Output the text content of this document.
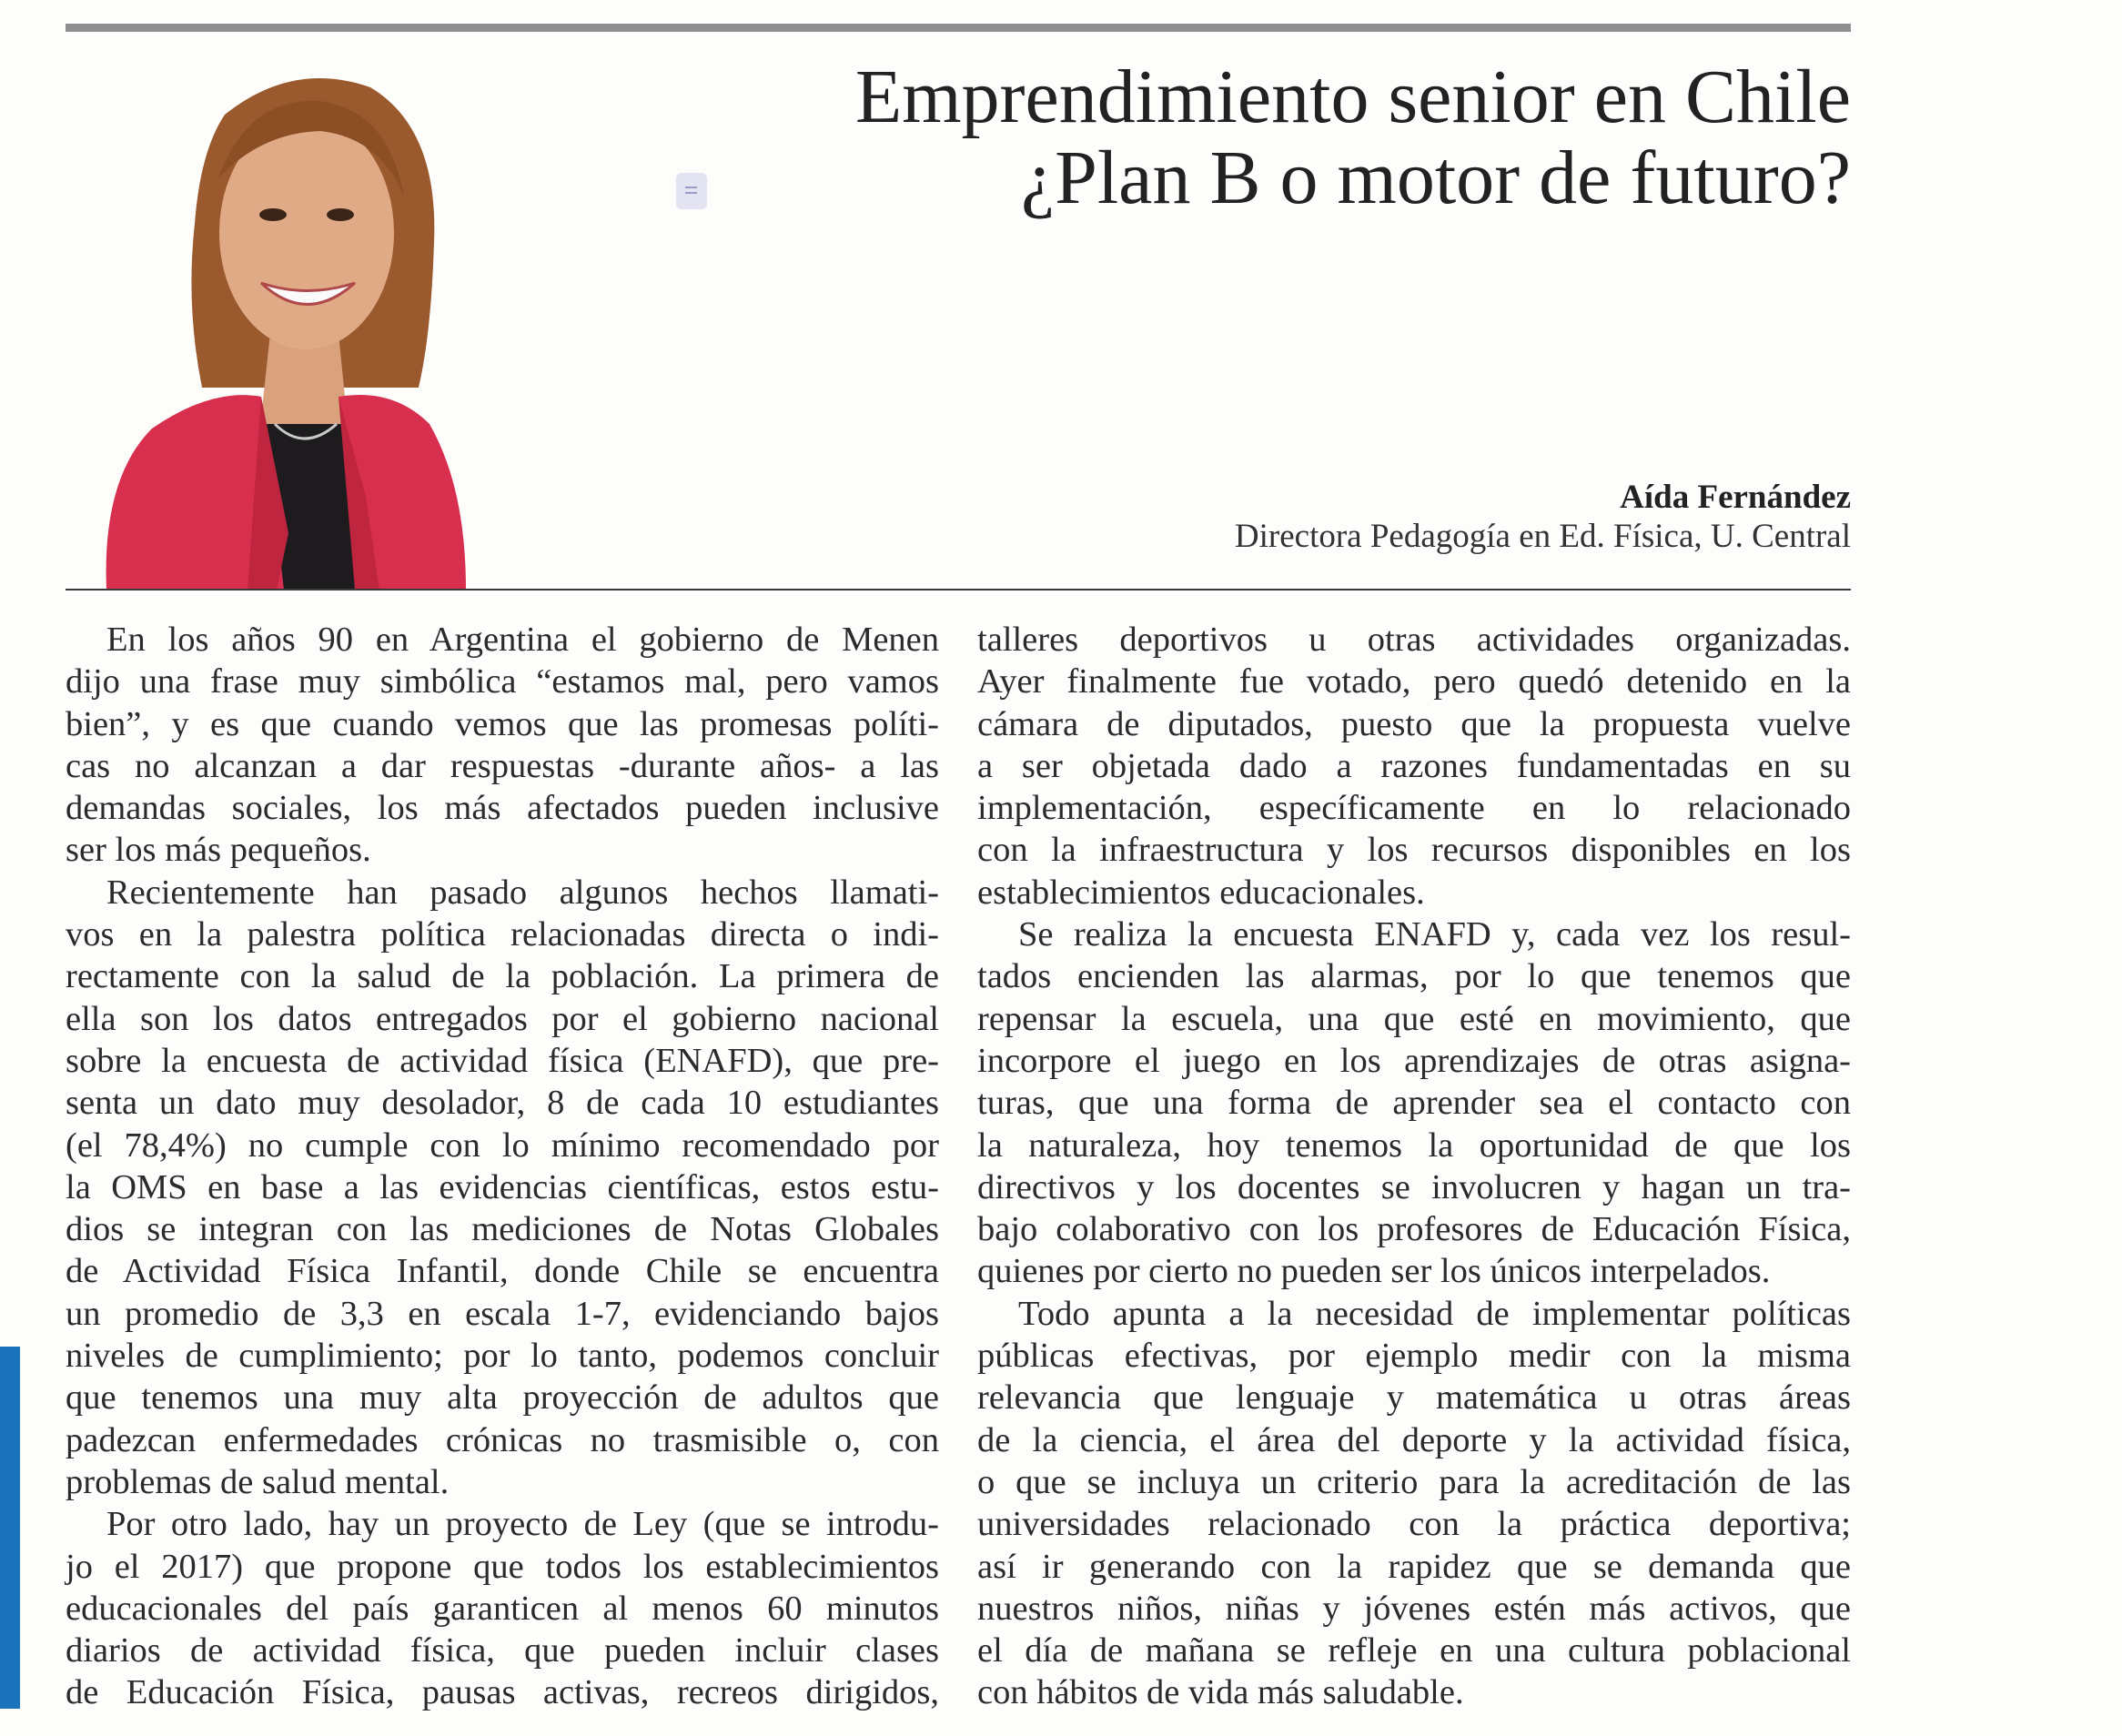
Emprendimiento senior en Chile
¿Plan B o motor de futuro?
Aída Fernández
Directora Pedagogía en Ed. Física, U. Central
En los años 90 en Argentina el gobierno de Menen
dijo una frase muy simbólica “estamos mal, pero vamos
bien”, y es que cuando vemos que las promesas políti-
cas no alcanzan a dar respuestas -durante años- a las
demandas sociales, los más afectados pueden inclusive
ser los más pequeños.
Recientemente han pasado algunos hechos llamati-
vos en la palestra política relacionadas directa o indi-
rectamente con la salud de la población. La primera de
ella son los datos entregados por el gobierno nacional
sobre la encuesta de actividad física (ENAFD), que pre-
senta un dato muy desolador, 8 de cada 10 estudiantes
(el 78,4%) no cumple con lo mínimo recomendado por
la OMS en base a las evidencias científicas, estos estu-
dios se integran con las mediciones de Notas Globales
de Actividad Física Infantil, donde Chile se encuentra
un promedio de 3,3 en escala 1-7, evidenciando bajos
niveles de cumplimiento; por lo tanto, podemos concluir
que tenemos una muy alta proyección de adultos que
padezcan enfermedades crónicas no trasmisible o, con
problemas de salud mental.
Por otro lado, hay un proyecto de Ley (que se introdu-
jo el 2017) que propone que todos los establecimientos
educacionales del país garanticen al menos 60 minutos
diarios de actividad física, que pueden incluir clases
de Educación Física, pausas activas, recreos dirigidos,
talleres deportivos u otras actividades organizadas.
Ayer finalmente fue votado, pero quedó detenido en la
cámara de diputados, puesto que la propuesta vuelve
a ser objetada dado a razones fundamentadas en su
implementación, específicamente en lo relacionado
con la infraestructura y los recursos disponibles en los
establecimientos educacionales.
Se realiza la encuesta ENAFD y, cada vez los resul-
tados encienden las alarmas, por lo que tenemos que
repensar la escuela, una que esté en movimiento, que
incorpore el juego en los aprendizajes de otras asigna-
turas, que una forma de aprender sea el contacto con
la naturaleza, hoy tenemos la oportunidad de que los
directivos y los docentes se involucren y hagan un tra-
bajo colaborativo con los profesores de Educación Física,
quienes por cierto no pueden ser los únicos interpelados.
Todo apunta a la necesidad de implementar políticas
públicas efectivas, por ejemplo medir con la misma
relevancia que lenguaje y matemática u otras áreas
de la ciencia, el área del deporte y la actividad física,
o que se incluya un criterio para la acreditación de las
universidades relacionado con la práctica deportiva;
así ir generando con la rapidez que se demanda que
nuestros niños, niñas y jóvenes estén más activos, que
el día de mañana se refleje en una cultura poblacional
con hábitos de vida más saludable.
